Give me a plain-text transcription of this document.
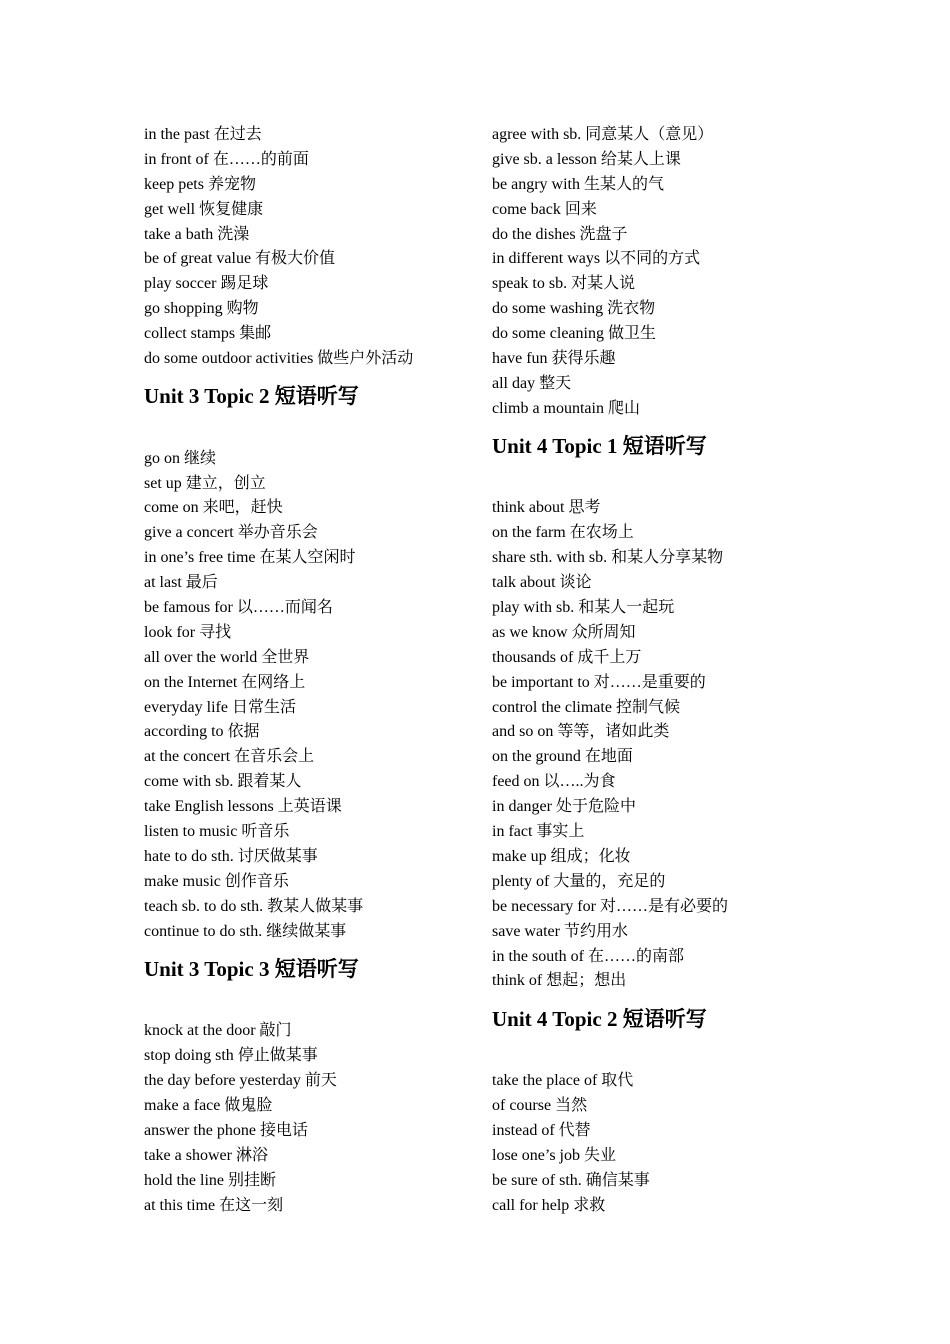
in the past 在过去
in front of 在……的前面
keep pets 养宠物
get well 恢复健康
take a bath 洗澡
be of great value 有极大价值
play soccer 踢足球
go shopping 购物
collect stamps 集邮
do some outdoor activities 做些户外活动
Unit 3 Topic 2 短语听写
go on 继续
set up 建立，创立
come on 来吧，赶快
give a concert 举办音乐会
in one’s free time 在某人空闲时
at last 最后
be famous for 以……而闻名
look for 寻找
all over the world 全世界
on the Internet 在网络上
everyday life 日常生活
according to 依据
at the concert 在音乐会上
come with sb. 跟着某人
take English lessons 上英语课
listen to music 听音乐
hate to do sth. 讨厌做某事
make music 创作音乐
teach sb. to do sth. 教某人做某事
continue to do sth. 继续做某事
Unit 3 Topic 3 短语听写
knock at the door 敲门
stop doing sth 停止做某事
the day before yesterday 前天
make a face 做鬼脸
answer the phone 接电话
take a shower 淋浴
hold the line 别挂断
at this time 在这一刻
agree with sb. 同意某人（意见）
give sb. a lesson 给某人上课
be angry with 生某人的气
come back 回来
do the dishes 洗盘子
in different ways 以不同的方式
speak to sb. 对某人说
do some washing 洗衣物
do some cleaning 做卫生
have fun 获得乐趣
all day 整天
climb a mountain 爬山
Unit 4 Topic 1 短语听写
think about 思考
on the farm 在农场上
share sth. with sb. 和某人分享某物
talk about 谈论
play with sb. 和某人一起玩
as we know 众所周知
thousands of 成千上万
be important to 对……是重要的
control the climate 控制气候
and so on 等等，诸如此类
on the ground 在地面
feed on 以…..为食
in danger 处于危险中
in fact 事实上
make up 组成；化妆
plenty of 大量的，充足的
be necessary for 对……是有必要的
save water 节约用水
in the south of 在……的南部
think of 想起；想出
Unit 4 Topic 2 短语听写
take the place of 取代
of course 当然
instead of 代替
lose one’s job 失业
be sure of sth. 确信某事
call for help 求救
